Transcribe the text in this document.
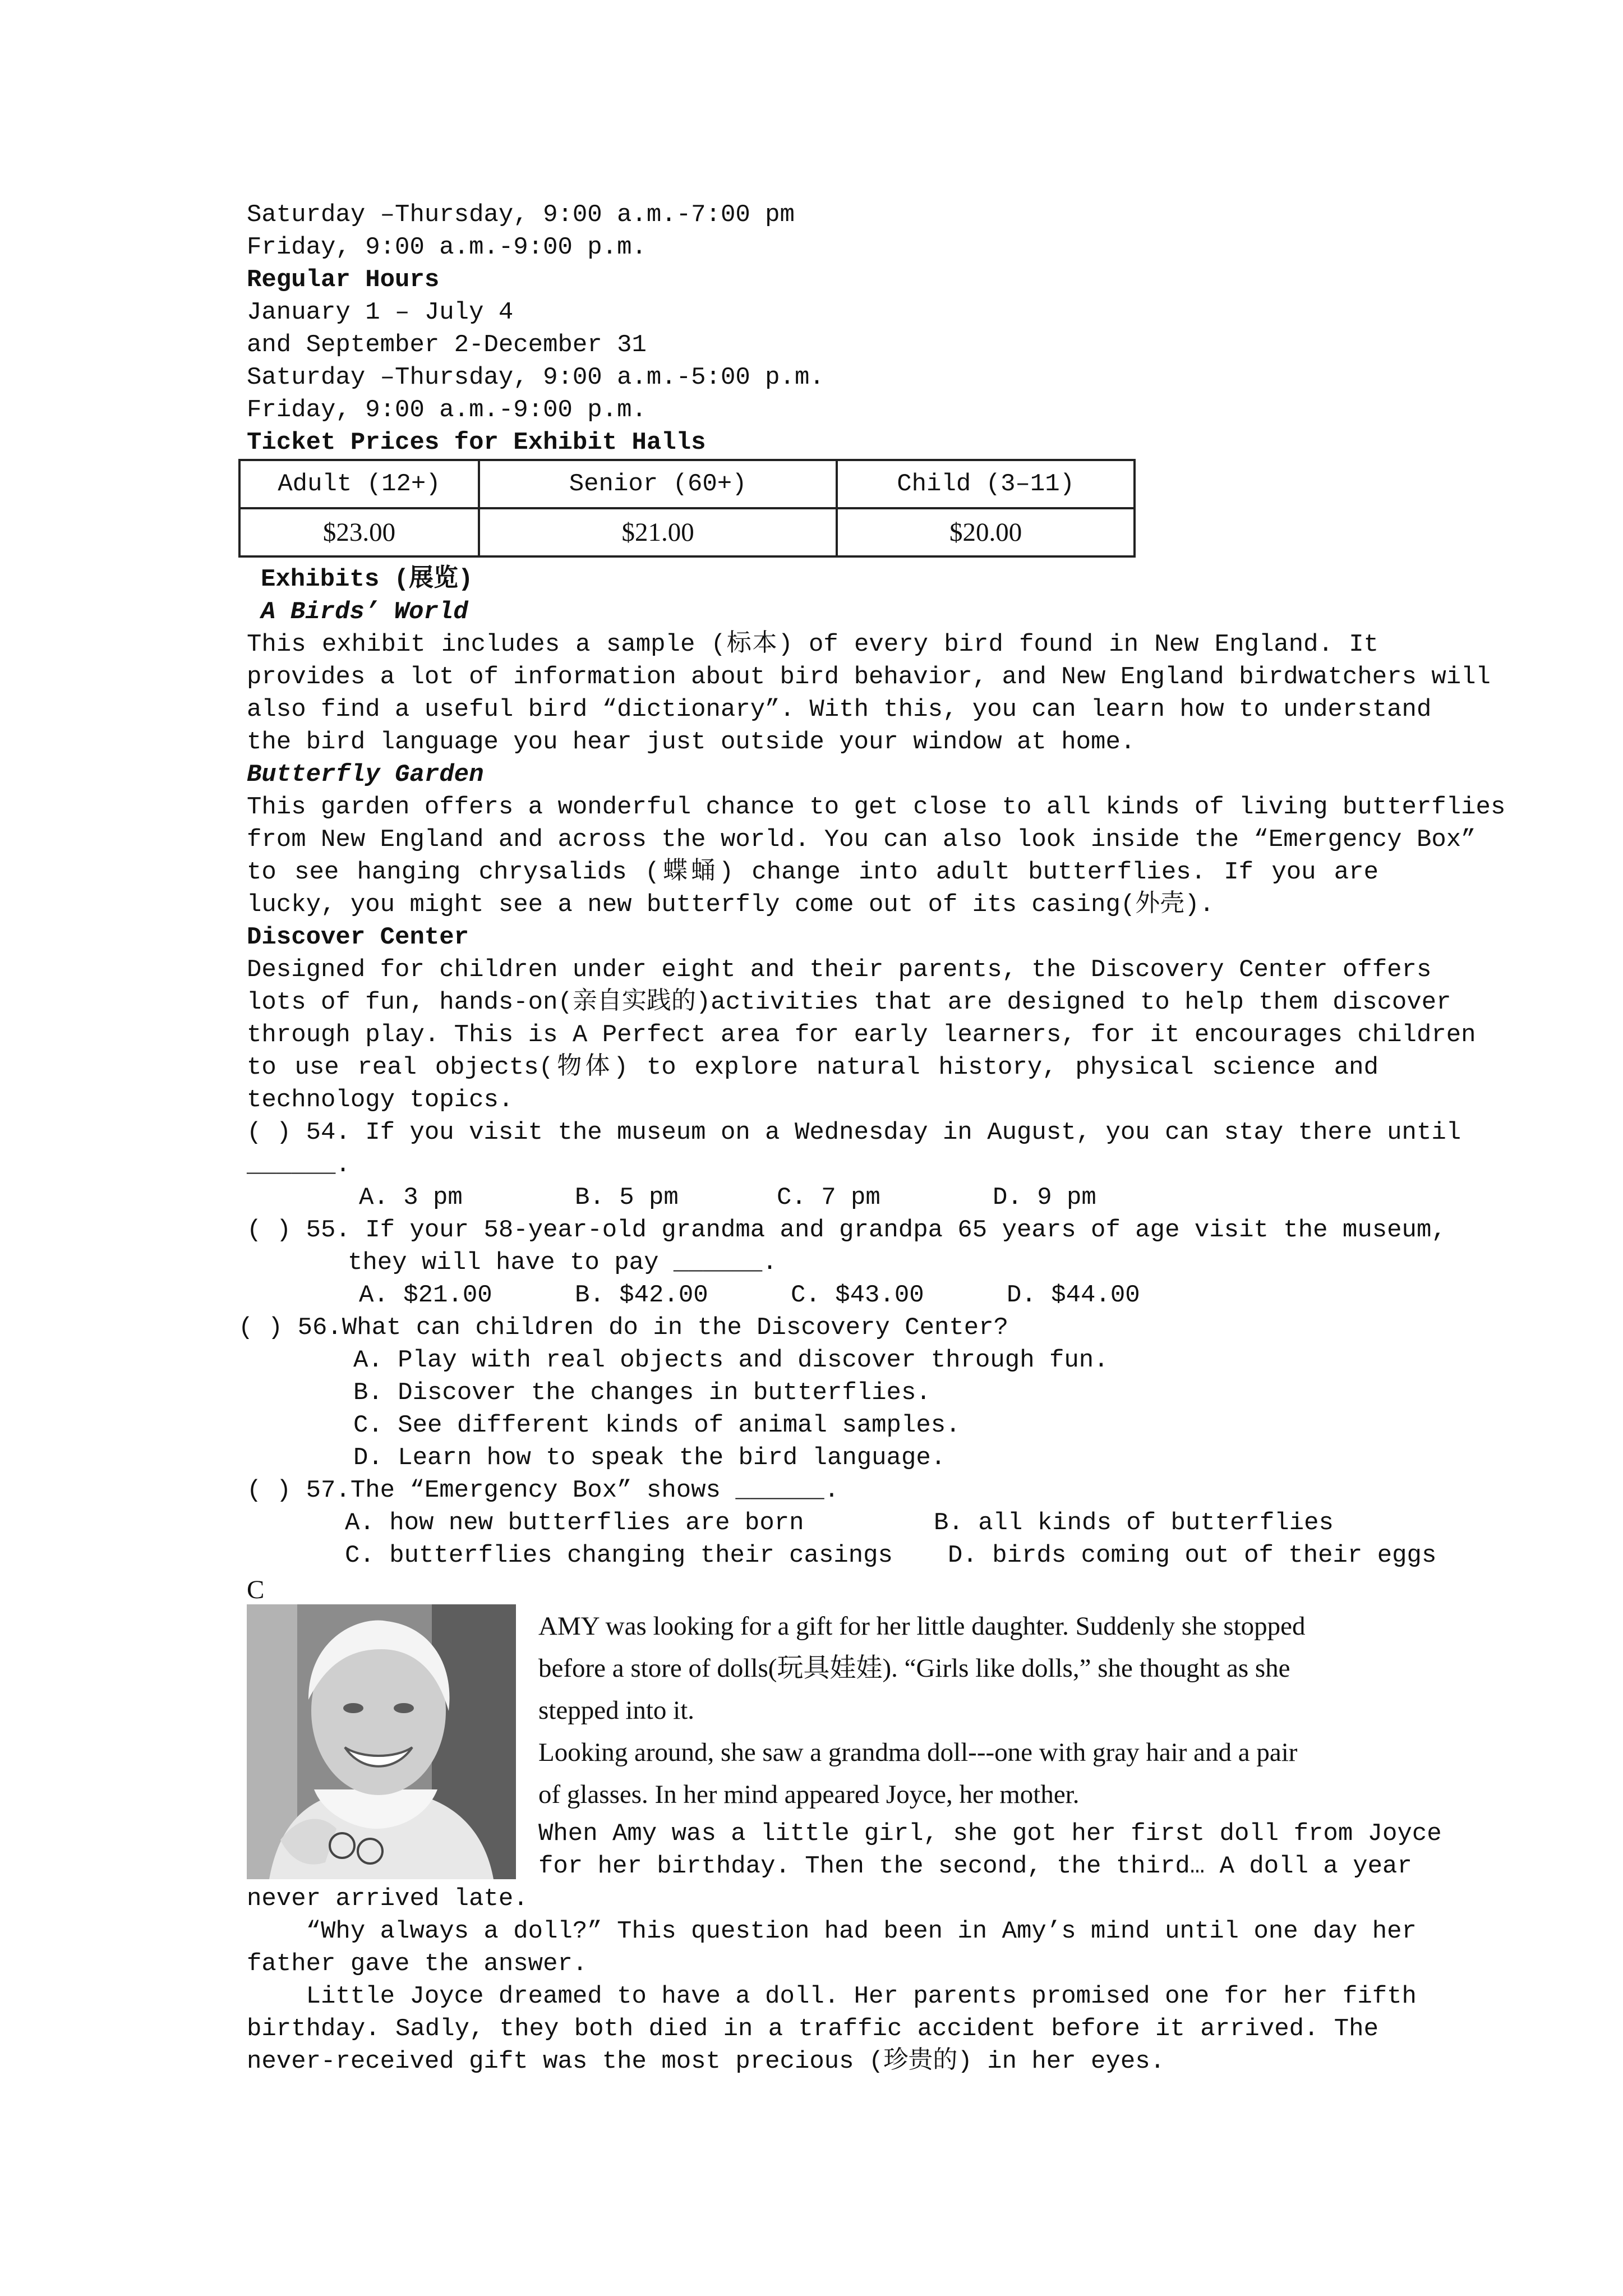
Saturday –Thursday, 9:00 a.m.-7:00 pm

Friday, 9:00 a.m.-9:00 p.m.

Regular Hours

January 1 – July 4

and September 2-December 31

Saturday –Thursday, 9:00 a.m.-5:00 p.m.

Friday, 9:00 a.m.-9:00 p.m.

Ticket Prices for Exhibit Halls

Adult (12+)	Senior (60+)	Child (3–11)
$23.00	$21.00	$20.00

Exhibits (展览)

A Birds’ World

This exhibit includes a sample (标本) of every bird found in New England. It

provides a lot of information about bird behavior, and New England birdwatchers will

also find a useful bird “dictionary”. With this, you can learn how to understand

the bird language you hear just outside your window at home.

Butterfly Garden

This garden offers a wonderful chance to get close to all kinds of living butterflies

from New England and across the world. You can also look inside the “Emergency Box”

to see hanging chrysalids (蝶蛹) change into adult butterflies. If you are

lucky, you might see a new butterfly come out of its casing(外壳).

Discover Center

Designed for children under eight and their parents, the Discovery Center offers

lots of fun, hands-on(亲自实践的)activities that are designed to help them discover

through play. This is A Perfect area for early learners, for it encourages children

to use real objects(物体) to explore natural history, physical science and

technology topics.

( ) 54. If you visit the museum on a Wednesday in August, you can stay there until

______.

A. 3 pm	B. 5 pm	C. 7 pm	D. 9 pm

( ) 55. If your 58-year-old grandma and grandpa 65 years of age visit the museum,

they will have to pay ______.

A. $21.00	B. $42.00	C. $43.00	D. $44.00

( ) 56.What can children do in the Discovery Center?

A. Play with real objects and discover through fun.
B. Discover the changes in butterflies.
C. See different kinds of animal samples.
D. Learn how to speak the bird language.

( ) 57.The “Emergency Box” shows ______.

A. how new butterflies are born	B. all kinds of butterflies
C. butterflies changing their casings D. birds coming out of their eggs

C

AMY was looking for a gift for her little daughter. Suddenly she stopped

before a store of dolls(玩具娃娃). “Girls like dolls,” she thought as she

stepped into it.

Looking around, she saw a grandma doll---one with gray hair and a pair

of glasses. In her mind appeared Joyce, her mother.

When Amy was a little girl, she got her first doll from Joyce

for her birthday. Then the second, the third… A doll a year

never arrived late.

“Why always a doll?” This question had been in Amy’s mind until one day her

father gave the answer.

Little Joyce dreamed to have a doll. Her parents promised one for her fifth

birthday. Sadly, they both died in a traffic accident before it arrived. The

never-received gift was the most precious (珍贵的) in her eyes.
